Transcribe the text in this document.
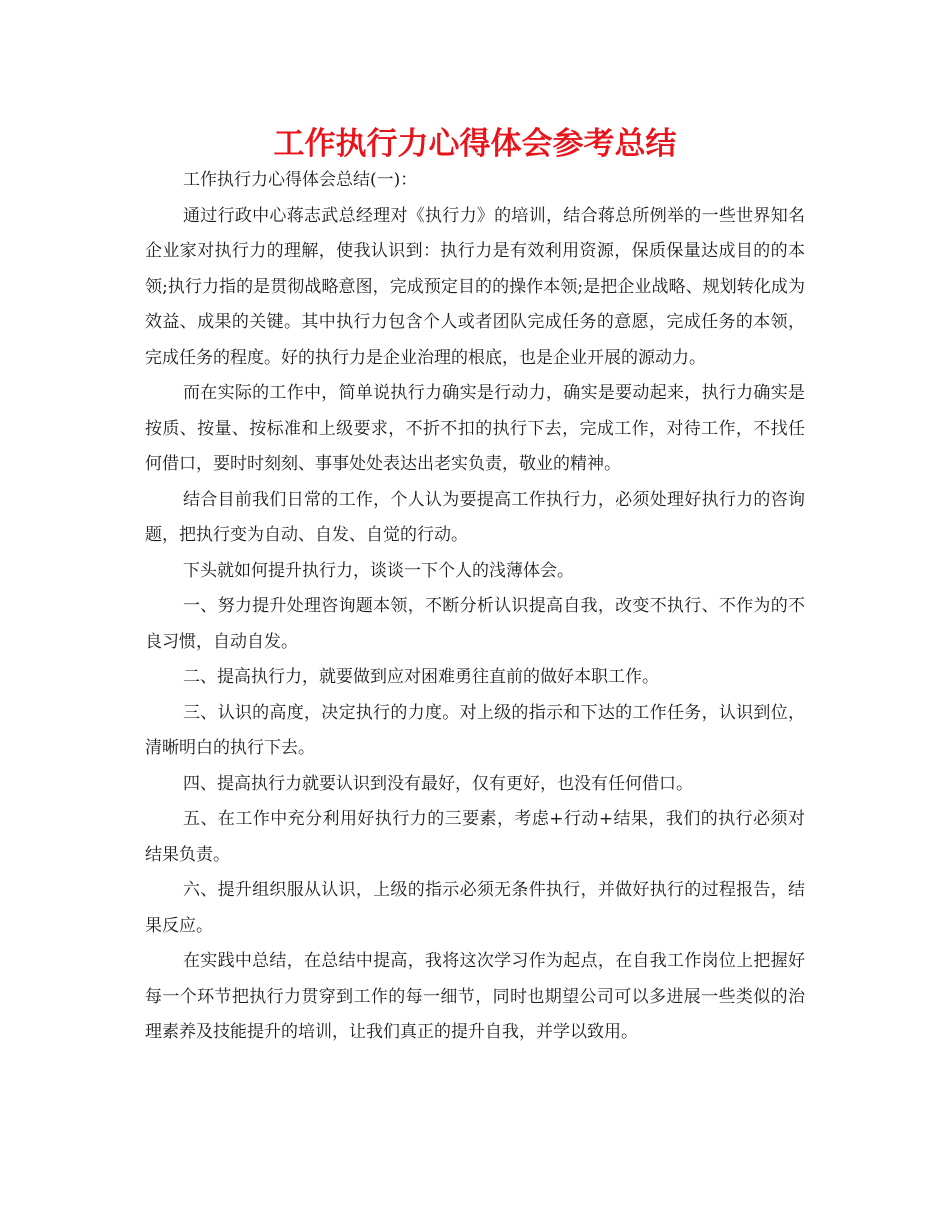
工作执行力心得体会参考总结

工作执行力心得体会总结(一)：

通过行政中心蒋志武总经理对《执行力》的培训，结合蒋总所例举的一些世界知名企业家对执行力的理解，使我认识到：执行力是有效利用资源，保质保量达成目的的本领;执行力指的是贯彻战略意图，完成预定目的的操作本领;是把企业战略、规划转化成为效益、成果的关键。其中执行力包含个人或者团队完成任务的意愿，完成任务的本领，完成任务的程度。好的执行力是企业治理的根底，也是企业开展的源动力。

而在实际的工作中，简单说执行力确实是行动力，确实是要动起来，执行力确实是按质、按量、按标准和上级要求，不折不扣的执行下去，完成工作，对待工作，不找任何借口，要时时刻刻、事事处处表达出老实负责，敬业的精神。

结合目前我们日常的工作，个人认为要提高工作执行力，必须处理好执行力的咨询题，把执行变为自动、自发、自觉的行动。

下头就如何提升执行力，谈谈一下个人的浅薄体会。

一、努力提升处理咨询题本领，不断分析认识提高自我，改变不执行、不作为的不良习惯，自动自发。

二、提高执行力，就要做到应对困难勇往直前的做好本职工作。

三、认识的高度，决定执行的力度。对上级的指示和下达的工作任务，认识到位，清晰明白的执行下去。

四、提高执行力就要认识到没有最好，仅有更好，也没有任何借口。

五、在工作中充分利用好执行力的三要素，考虑+行动+结果，我们的执行必须对结果负责。

六、提升组织服从认识，上级的指示必须无条件执行，并做好执行的过程报告，结果反应。

在实践中总结，在总结中提高，我将这次学习作为起点，在自我工作岗位上把握好每一个环节把执行力贯穿到工作的每一细节，同时也期望公司可以多进展一些类似的治理素养及技能提升的培训，让我们真正的提升自我，并学以致用。
